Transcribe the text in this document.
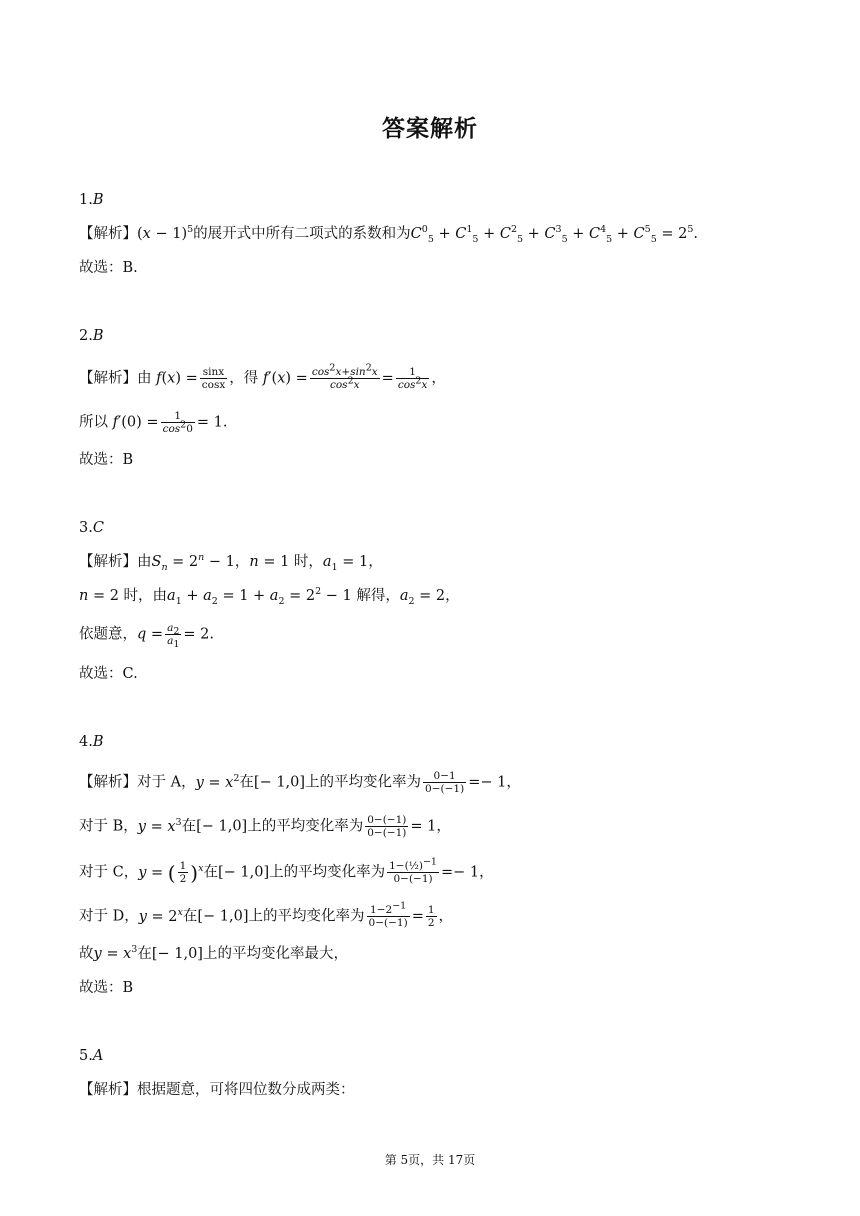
答案解析
1.B
【解析】$(x - 1)^5$的展开式中所有二项式的系数和为$C^0_5 + C^1_5 + C^2_5 + C^3_5 + C^4_5 + C^5_5 = 2^5$.
故选：B.
2.B
【解析】由 $f(x) = \frac{\sin x}{\cos x}$ ，得 $f'(x) = \frac{\cos^2x+\sin^2x}{\cos^2x} = \frac{1}{\cos^2x}$ ，
所以 $f'(0) = \frac{1}{\cos^20} = 1$.
故选：B
3.C
【解析】由$S_n = 2^n - 1$，n = 1 时，$a_1 = 1$，
n = 2 时，由$a_1 + a_2 = 1 + a_2 = 2^2 - 1$ 解得，$a_2 = 2$，
依题意，$q = \frac{a_2}{a_1} = 2$.
故选：C.
4.B
【解析】对于 A，$y = x^2$在[− 1,0]上的平均变化率为 $\frac{0-1}{0-(-1)} =- 1$，
对于 B，$y = x^3$在[− 1,0]上的平均变化率为 $\frac{0-(-1)}{0-(-1)} = 1$，
对于 C，y = ( $\frac{1}{2} )^x$在[− 1,0]上的平均变化率为 $\frac{1-(\frac{1}{2})^{-1}}{0-(-1)} =- 1$，
对于 D，$y = 2^x$在[− 1,0]上的平均变化率为 $\frac{1-2^{-1}}{0-(-1)} = \frac{1}{2}$ ，
故$y = x^3$在[− 1,0]上的平均变化率最大，
故选：B
5.A
【解析】根据题意，可将四位数分成两类：
第 5页，共 17页
